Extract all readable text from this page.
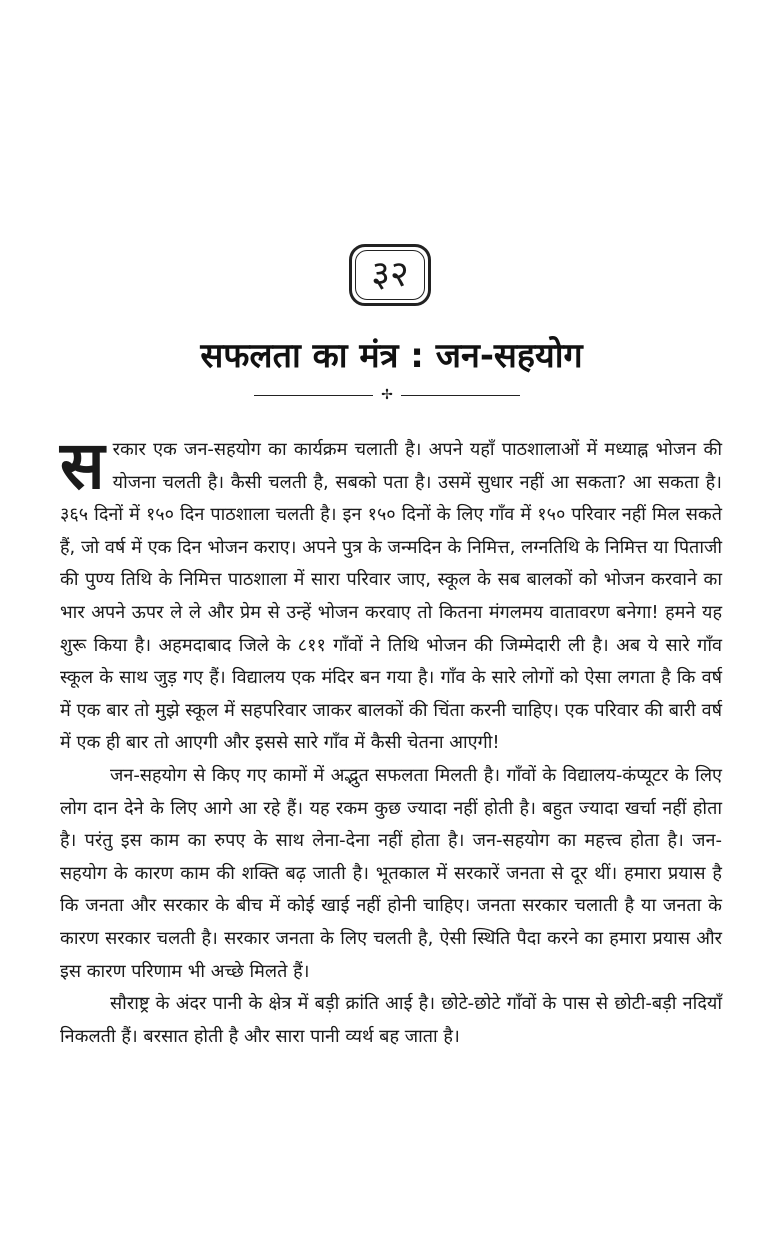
३२
सफलता का मंत्र : जन-सहयोग
✢

सरकार एक जन-सहयोग का कार्यक्रम चलाती है। अपने यहाँ पाठशालाओं में मध्याह्न भोजन की योजना चलती है। कैसी चलती है, सबको पता है। उसमें सुधार नहीं आ सकता? आ सकता है। ३६५ दिनों में १५० दिन पाठशाला चलती है। इन १५० दिनों के लिए गाँव में १५० परिवार नहीं मिल सकते हैं, जो वर्ष में एक दिन भोजन कराए। अपने पुत्र के जन्मदिन के निमित्त, लग्नतिथि के निमित्त या पिताजी की पुण्य तिथि के निमित्त पाठशाला में सारा परिवार जाए, स्कूल के सब बालकों को भोजन करवाने का भार अपने ऊपर ले ले और प्रेम से उन्हें भोजन करवाए तो कितना मंगलमय वातावरण बनेगा! हमने यह शुरू किया है। अहमदाबाद जिले के ८११ गाँवों ने तिथि भोजन की जिम्मेदारी ली है। अब ये सारे गाँव स्कूल के साथ जुड़ गए हैं। विद्यालय एक मंदिर बन गया है। गाँव के सारे लोगों को ऐसा लगता है कि वर्ष में एक बार तो मुझे स्कूल में सहपरिवार जाकर बालकों की चिंता करनी चाहिए। एक परिवार की बारी वर्ष में एक ही बार तो आएगी और इससे सारे गाँव में कैसी चेतना आएगी!

जन-सहयोग से किए गए कामों में अद्भुत सफलता मिलती है। गाँवों के विद्यालय-कंप्यूटर के लिए लोग दान देने के लिए आगे आ रहे हैं। यह रकम कुछ ज्यादा नहीं होती है। बहुत ज्यादा खर्चा नहीं होता है। परंतु इस काम का रुपए के साथ लेना-देना नहीं होता है। जन-सहयोग का महत्त्व होता है। जन-सहयोग के कारण काम की शक्ति बढ़ जाती है। भूतकाल में सरकारें जनता से दूर थीं। हमारा प्रयास है कि जनता और सरकार के बीच में कोई खाई नहीं होनी चाहिए। जनता सरकार चलाती है या जनता के कारण सरकार चलती है। सरकार जनता के लिए चलती है, ऐसी स्थिति पैदा करने का हमारा प्रयास और इस कारण परिणाम भी अच्छे मिलते हैं।

सौराष्ट्र के अंदर पानी के क्षेत्र में बड़ी क्रांति आई है। छोटे-छोटे गाँवों के पास से छोटी-बड़ी नदियाँ निकलती हैं। बरसात होती है और सारा पानी व्यर्थ बह जाता है।
